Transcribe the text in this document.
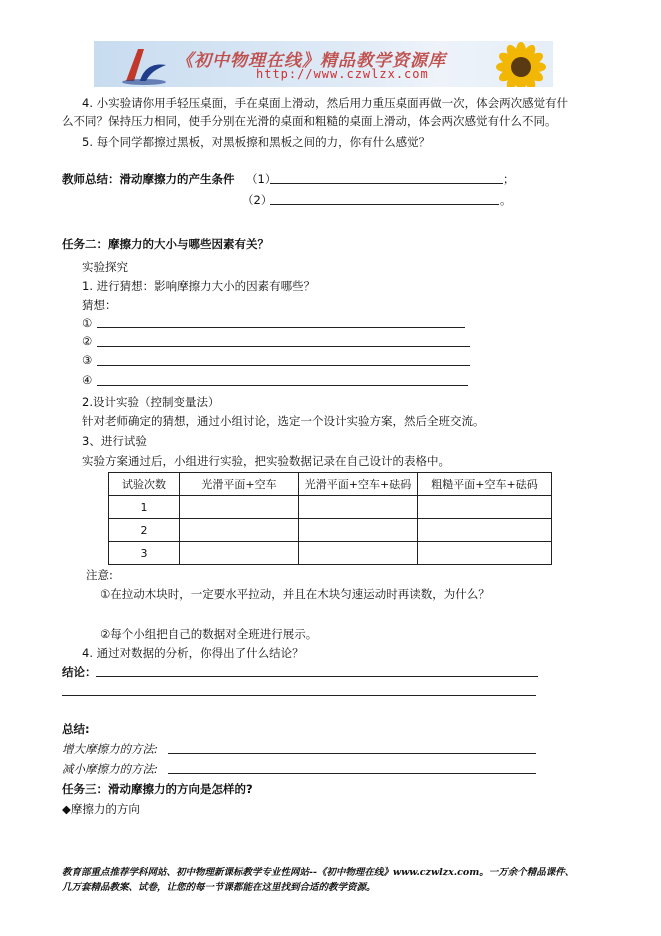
《初中物理在线》精品教学资源库
http://www.czwlzx.com
4. 小实验请你用手轻压桌面，手在桌面上滑动，然后用力重压桌面再做一次，体会两次感觉有什
么不同？保持压力相同，使手分别在光滑的桌面和粗糙的桌面上滑动，体会两次感觉有什么不同。
5. 每个同学都擦过黑板，对黑板擦和黑板之间的力，你有什么感觉？
教师总结：滑动摩擦力的产生条件 （1）	；
（2）	。
任务二：摩擦力的大小与哪些因素有关？
实验探究
1. 进行猜想：影响摩擦力大小的因素有哪些？
猜想：
①
②
③
④
2.设计实验（控制变量法）
针对老师确定的猜想，通过小组讨论，选定一个设计实验方案，然后全班交流。
3、进行试验
实验方案通过后，小组进行实验，把实验数据记录在自己设计的表格中。
试验次数	光滑平面+空车	光滑平面+空车+砝码	粗糙平面+空车+砝码
1			
2			
3			
注意:
①在拉动木块时，一定要水平拉动，并且在木块匀速运动时再读数，为什么？
②每个小组把自己的数据对全班进行展示。
4. 通过对数据的分析，你得出了什么结论？
结论：
总结:
增大摩擦力的方法:
减小摩擦力的方法:
任务三：滑动摩擦力的方向是怎样的?
◆摩擦力的方向
教育部重点推荐学科网站、初中物理新课标教学专业性网站--《初中物理在线》www.czwlzx.com。一万余个精品课件、
几万套精品教案、试卷，让您的每一节课都能在这里找到合适的教学资源。
